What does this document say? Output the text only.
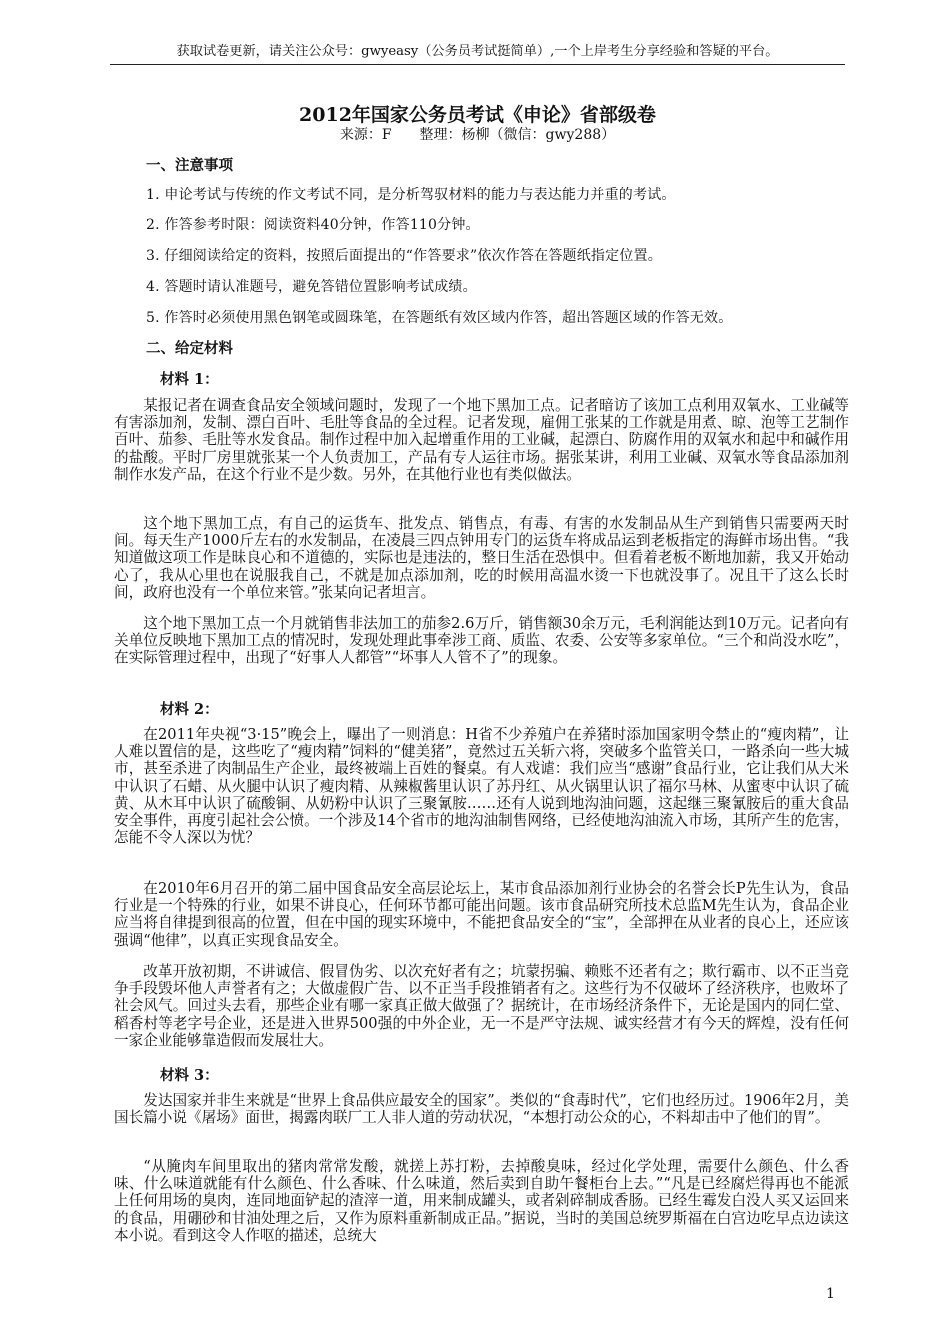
获取试卷更新，请关注公众号：gwyeasy（公务员考试挺简单）,一个上岸考生分享经验和答疑的平台。
2012年国家公务员考试《申论》省部级卷
来源：F　　整理：杨柳（微信：gwy288）
一、注意事项
1. 申论考试与传统的作文考试不同，是分析驾驭材料的能力与表达能力并重的考试。
2. 作答参考时限：阅读资料40分钟，作答110分钟。
3. 仔细阅读给定的资料，按照后面提出的“作答要求”依次作答在答题纸指定位置。
4. 答题时请认准题号，避免答错位置影响考试成绩。
5. 作答时必须使用黑色钢笔或圆珠笔，在答题纸有效区域内作答，超出答题区域的作答无效。
二、给定材料
材料 1：
某报记者在调查食品安全领域问题时，发现了一个地下黑加工点。记者暗访了该加工点利用双氧水、工业碱等有害添加剂，发制、漂白百叶、毛肚等食品的全过程。记者发现，雇佣工张某的工作就是用煮、晾、泡等工艺制作百叶、茄参、毛肚等水发食品。制作过程中加入起增重作用的工业碱，起漂白、防腐作用的双氧水和起中和碱作用的盐酸。平时厂房里就张某一个人负责加工，产品有专人运往市场。据张某讲，利用工业碱、双氧水等食品添加剂制作水发产品，在这个行业不是少数。另外，在其他行业也有类似做法。
这个地下黑加工点，有自己的运货车、批发点、销售点，有毒、有害的水发制品从生产到销售只需要两天时间。每天生产1000斤左右的水发制品，在凌晨三四点钟用专门的运货车将成品运到老板指定的海鲜市场出售。“我知道做这项工作是昧良心和不道德的，实际也是违法的，整日生活在恐惧中。但看着老板不断地加薪，我又开始动心了，我从心里也在说服我自己，不就是加点添加剂，吃的时候用高温水烫一下也就没事了。况且干了这么长时间，政府也没有一个单位来管。”张某向记者坦言。
这个地下黑加工点一个月就销售非法加工的茄参2.6万斤，销售额30余万元，毛利润能达到10万元。记者向有关单位反映地下黑加工点的情况时，发现处理此事牵涉工商、质监、农委、公安等多家单位。“三个和尚没水吃”，在实际管理过程中，出现了“好事人人都管”“坏事人人管不了”的现象。
材料 2：
在2011年央视“3·15”晚会上，曝出了一则消息：H省不少养殖户在养猪时添加国家明令禁止的“瘦肉精”，让人难以置信的是，这些吃了“瘦肉精”饲料的“健美猪”，竟然过五关斩六将，突破多个监管关口，一路杀向一些大城市，甚至杀进了肉制品生产企业，最终被端上百姓的餐桌。有人戏谑：我们应当“感谢”食品行业，它让我们从大米中认识了石蜡、从火腿中认识了瘦肉精、从辣椒酱里认识了苏丹红、从火锅里认识了福尔马林、从蜜枣中认识了硫黄、从木耳中认识了硫酸铜、从奶粉中认识了三聚氰胺……还有人说到地沟油问题，这起继三聚氰胺后的重大食品安全事件，再度引起社会公愤。一个涉及14个省市的地沟油制售网络，已经使地沟油流入市场，其所产生的危害，怎能不令人深以为忧？
在2010年6月召开的第二届中国食品安全高层论坛上，某市食品添加剂行业协会的名誉会长P先生认为，食品行业是一个特殊的行业，如果不讲良心，任何环节都可能出问题。该市食品研究所技术总监M先生认为，食品企业应当将自律提到很高的位置，但在中国的现实环境中，不能把食品安全的“宝”，全部押在从业者的良心上，还应该强调“他律”，以真正实现食品安全。
改革开放初期，不讲诚信、假冒伪劣、以次充好者有之；坑蒙拐骗、赖账不还者有之；欺行霸市、以不正当竞争手段毁坏他人声誉者有之；大做虚假广告、以不正当手段推销者有之。这些行为不仅破坏了经济秩序，也败坏了社会风气。回过头去看，那些企业有哪一家真正做大做强了？据统计，在市场经济条件下，无论是国内的同仁堂、稻香村等老字号企业，还是进入世界500强的中外企业，无一不是严守法规、诚实经营才有今天的辉煌，没有任何一家企业能够靠造假而发展壮大。
材料 3：
发达国家并非生来就是“世界上食品供应最安全的国家”。类似的“食毒时代”，它们也经历过。1906年2月，美国长篇小说《屠场》面世，揭露肉联厂工人非人道的劳动状况，“本想打动公众的心，不料却击中了他们的胃”。
“从腌肉车间里取出的猪肉常常发酸，就搓上苏打粉，去掉酸臭味，经过化学处理，需要什么颜色、什么香味、什么味道就能有什么颜色、什么香味、什么味道，然后卖到自助午餐柜台上去。”“凡是已经腐烂得再也不能派上任何用场的臭肉，连同地面铲起的渣滓一道，用来制成罐头，或者剁碎制成香肠。已经生霉发白没人买又运回来的食品，用硼砂和甘油处理之后，又作为原料重新制成正品。”据说，当时的美国总统罗斯福在白宫边吃早点边读这本小说。看到这令人作呕的描述，总统大
1
